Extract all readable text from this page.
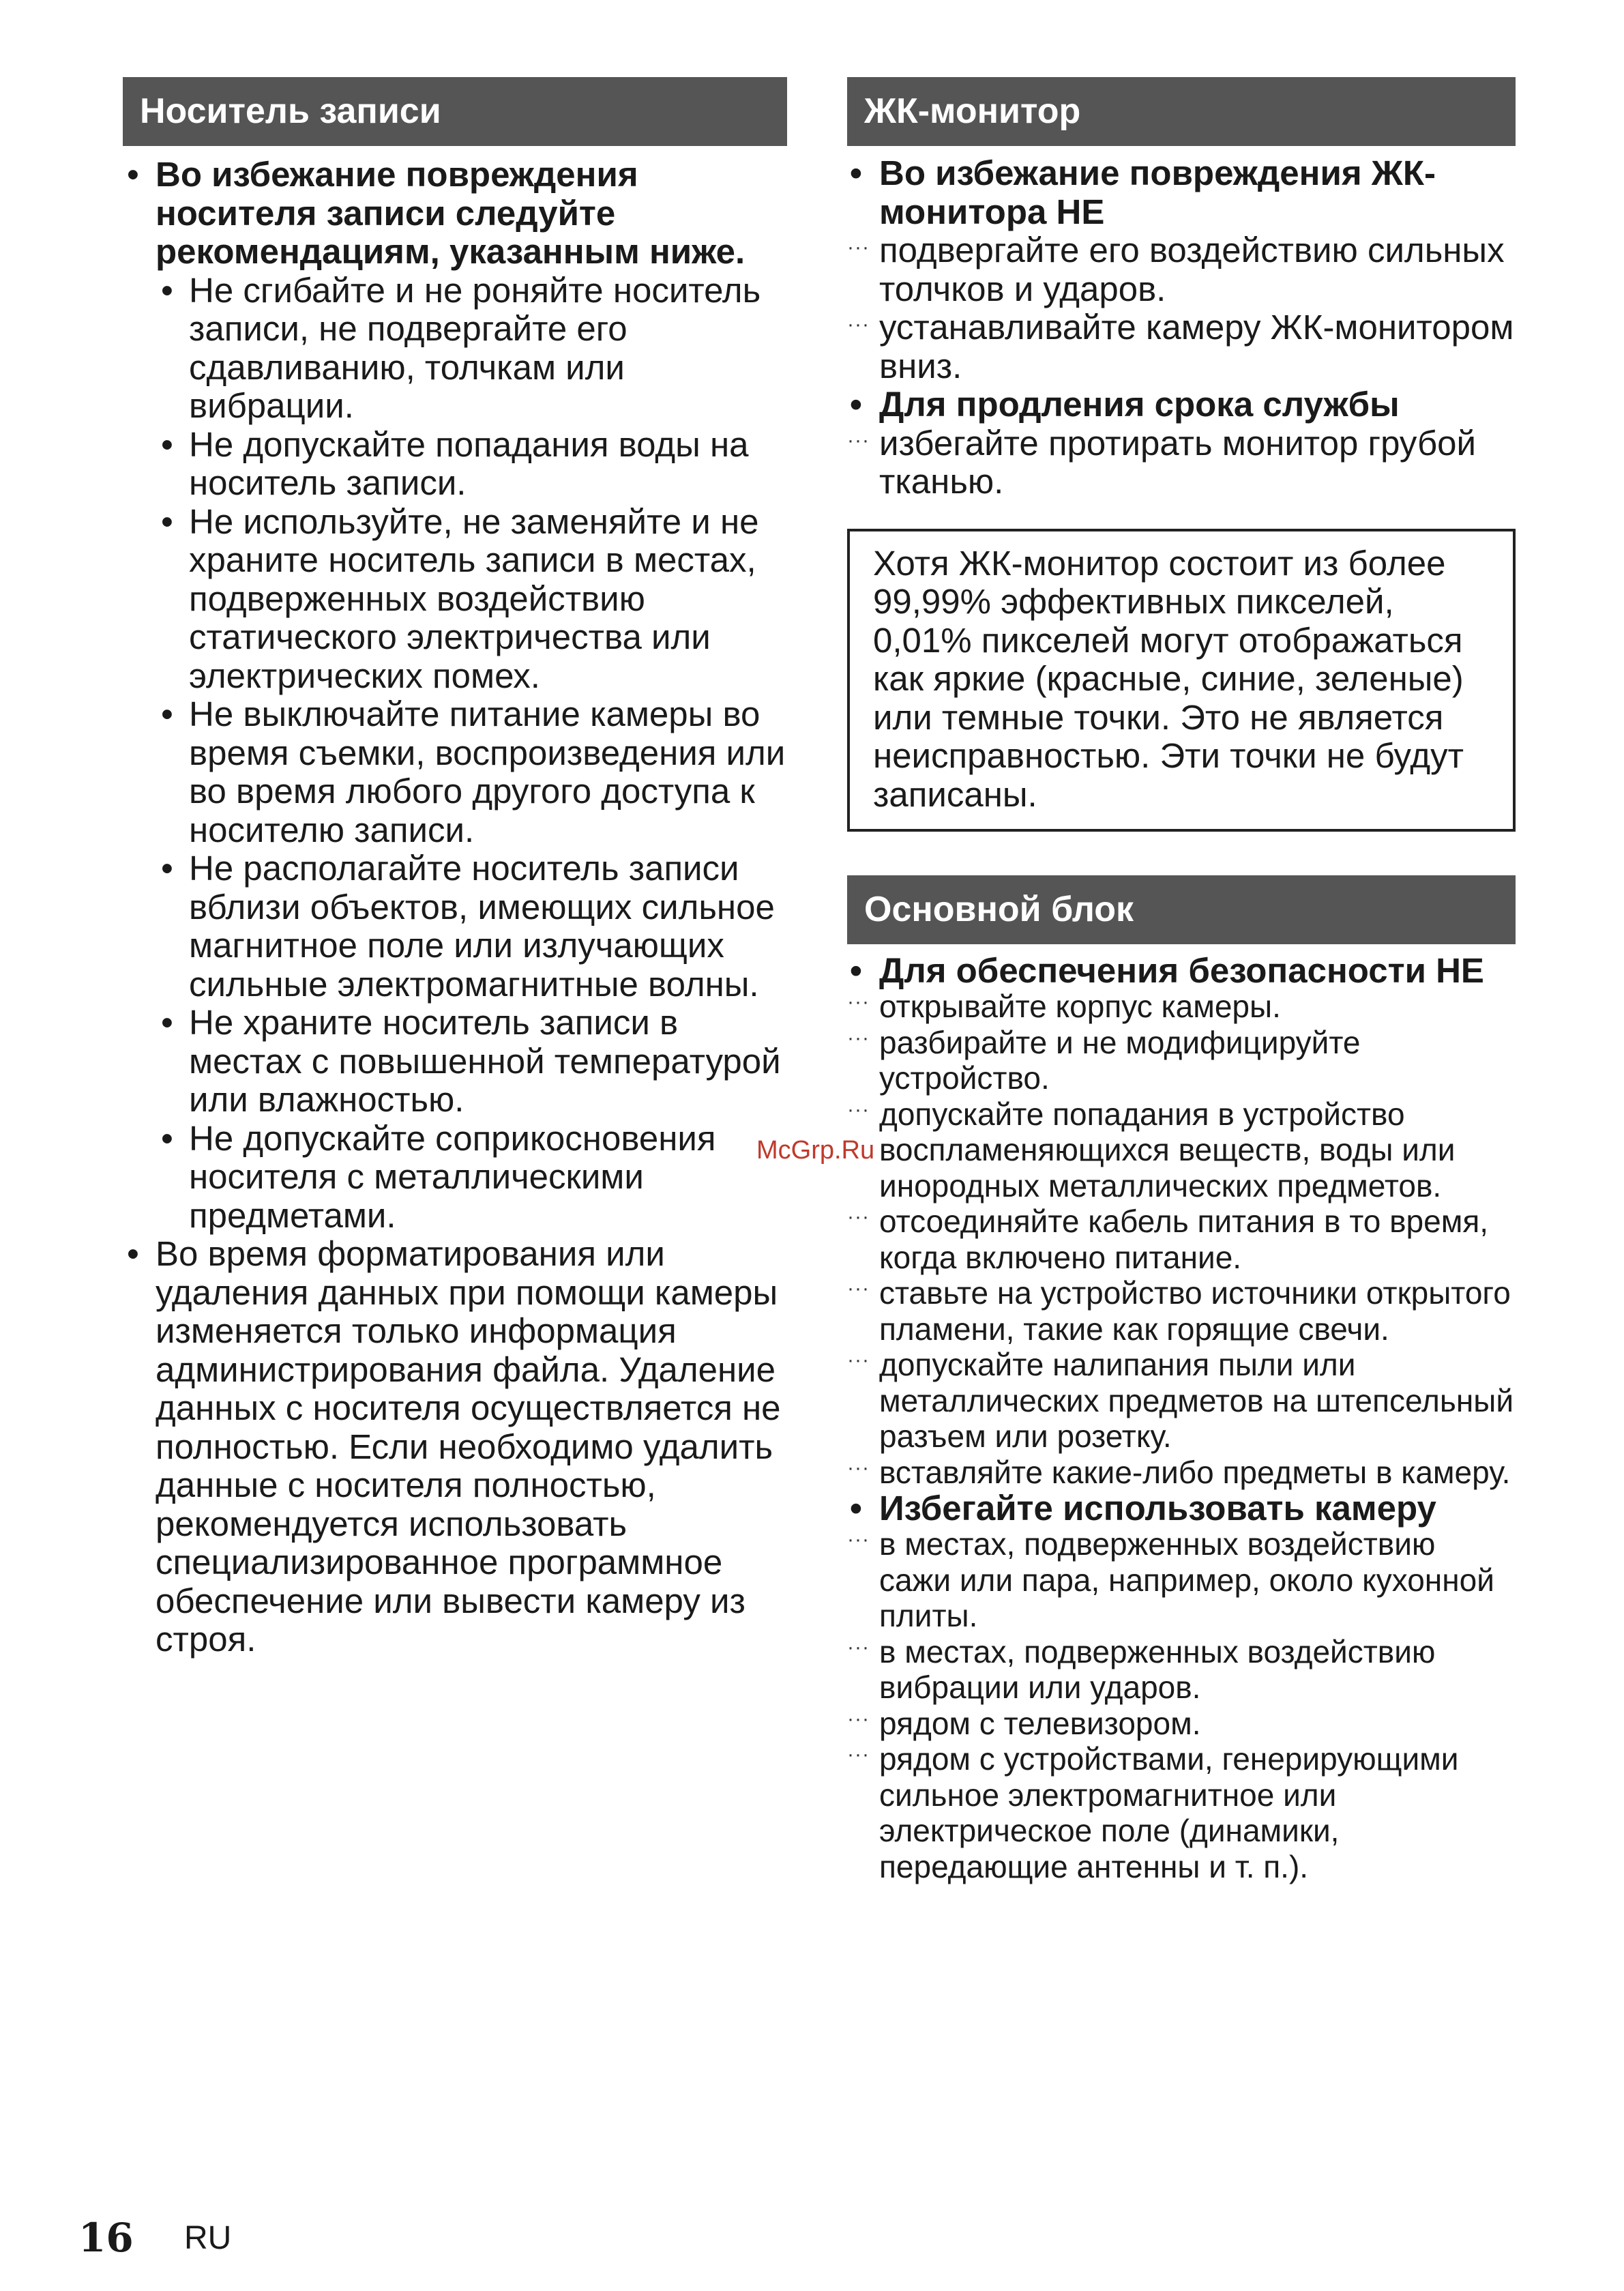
Носитель записи
• Во избежание повреждения носителя записи следуйте рекомендациям, указанным ниже.
• Не сгибайте и не роняйте носитель записи, не подвергайте его сдавливанию, толчкам или вибрации.
• Не допускайте попадания воды на носитель записи.
• Не используйте, не заменяйте и не храните носитель записи в местах, подверженных воздействию статического электричества или электрических помех.
• Не выключайте питание камеры во время съемки, воспроизведения или во время любого другого доступа к носителю записи.
• Не располагайте носитель записи вблизи объектов, имеющих сильное магнитное поле или излучающих сильные электромагнитные волны.
• Не храните носитель записи в местах с повышенной температурой или влажностью.
• Не допускайте соприкосновения носителя с металлическими предметами.
• Во время форматирования или удаления данных при помощи камеры изменяется только информация администрирования файла. Удаление данных с носителя осуществляется не полностью. Если необходимо удалить данные с носителя полностью, рекомендуется использовать специализированное программное обеспечение или вывести камеру из строя.
ЖК-монитор
• Во избежание повреждения ЖК-монитора НЕ
··· подвергайте его воздействию сильных толчков и ударов.
··· устанавливайте камеру ЖК-монитором вниз.
• Для продления срока службы
··· избегайте протирать монитор грубой тканью.
Хотя ЖК-монитор состоит из более 99,99% эффективных пикселей, 0,01% пикселей могут отображаться как яркие (красные, синие, зеленые) или темные точки. Это не является неисправностью. Эти точки не будут записаны.
Основной блок
• Для обеспечения безопасности НЕ
··· открывайте корпус камеры.
··· разбирайте и не модифицируйте устройство.
··· допускайте попадания в устройство воспламеняющихся веществ, воды или инородных металлических предметов.
··· отсоединяйте кабель питания в то время, когда включено питание.
··· ставьте на устройство источники открытого пламени, такие как горящие свечи.
··· допускайте налипания пыли или металлических предметов на штепсельный разъем или розетку.
··· вставляйте какие-либо предметы в камеру.
• Избегайте использовать камеру
··· в местах, подверженных воздействию сажи или пара, например, около кухонной плиты.
··· в местах, подверженных воздействию вибрации или ударов.
··· рядом с телевизором.
··· рядом с устройствами, генерирующими сильное электромагнитное или электрическое поле (динамики, передающие антенны и т. п.).
McGrp.Ru
16 RU
